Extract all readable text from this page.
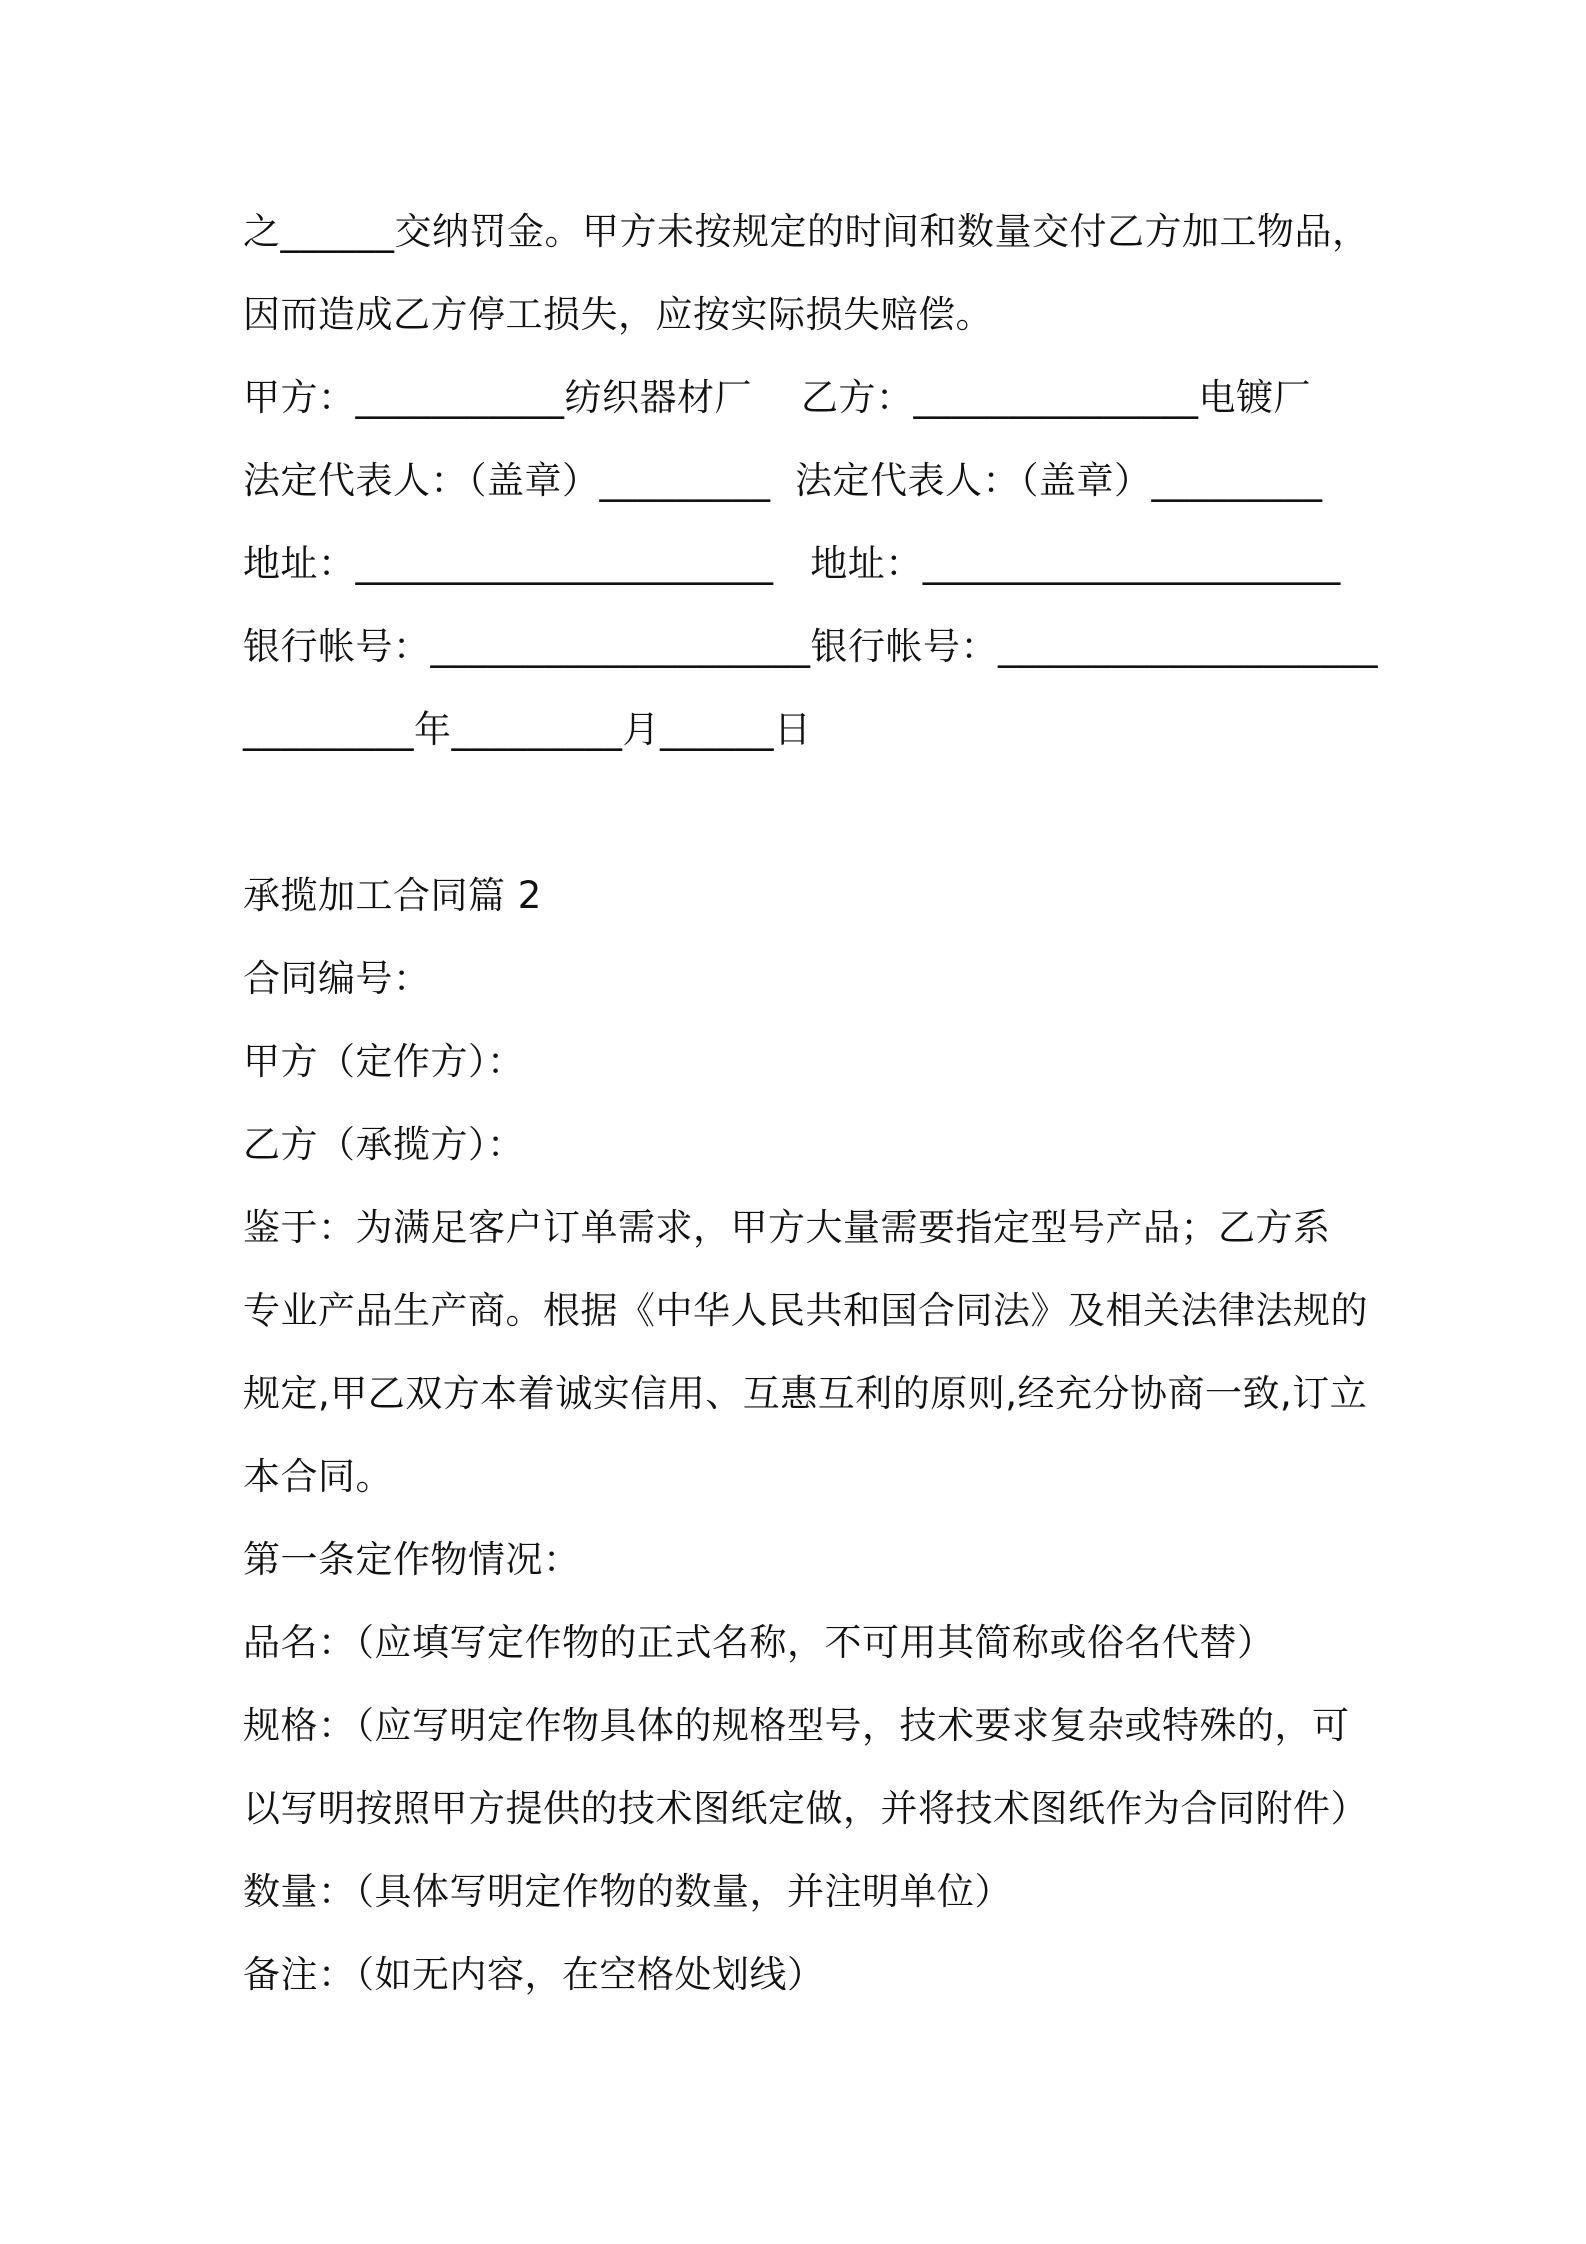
之______交纳罚金。甲方未按规定的时间和数量交付乙方加工物品，
因而造成乙方停工损失，应按实际损失赔偿。
甲方：___________纺织器材厂    乙方：_______________电镀厂
法定代表人：（盖章）_________  法定代表人：（盖章）_________
地址：______________________   地址：______________________
银行帐号：____________________银行帐号：____________________
_________年_________月______日
承揽加工合同篇 2
合同编号：
甲方（定作方）：
乙方（承揽方）：
鉴于：为满足客户订单需求，甲方大量需要指定型号产品；乙方系
专业产品生产商。根据《中华人民共和国合同法》及相关法律法规的
规定,甲乙双方本着诚实信用、互惠互利的原则,经充分协商一致,订立
本合同。
第一条定作物情况：
品名：（应填写定作物的正式名称，不可用其简称或俗名代替）
规格：（应写明定作物具体的规格型号，技术要求复杂或特殊的，可
以写明按照甲方提供的技术图纸定做，并将技术图纸作为合同附件）
数量：（具体写明定作物的数量，并注明单位）
备注：（如无内容，在空格处划线）
